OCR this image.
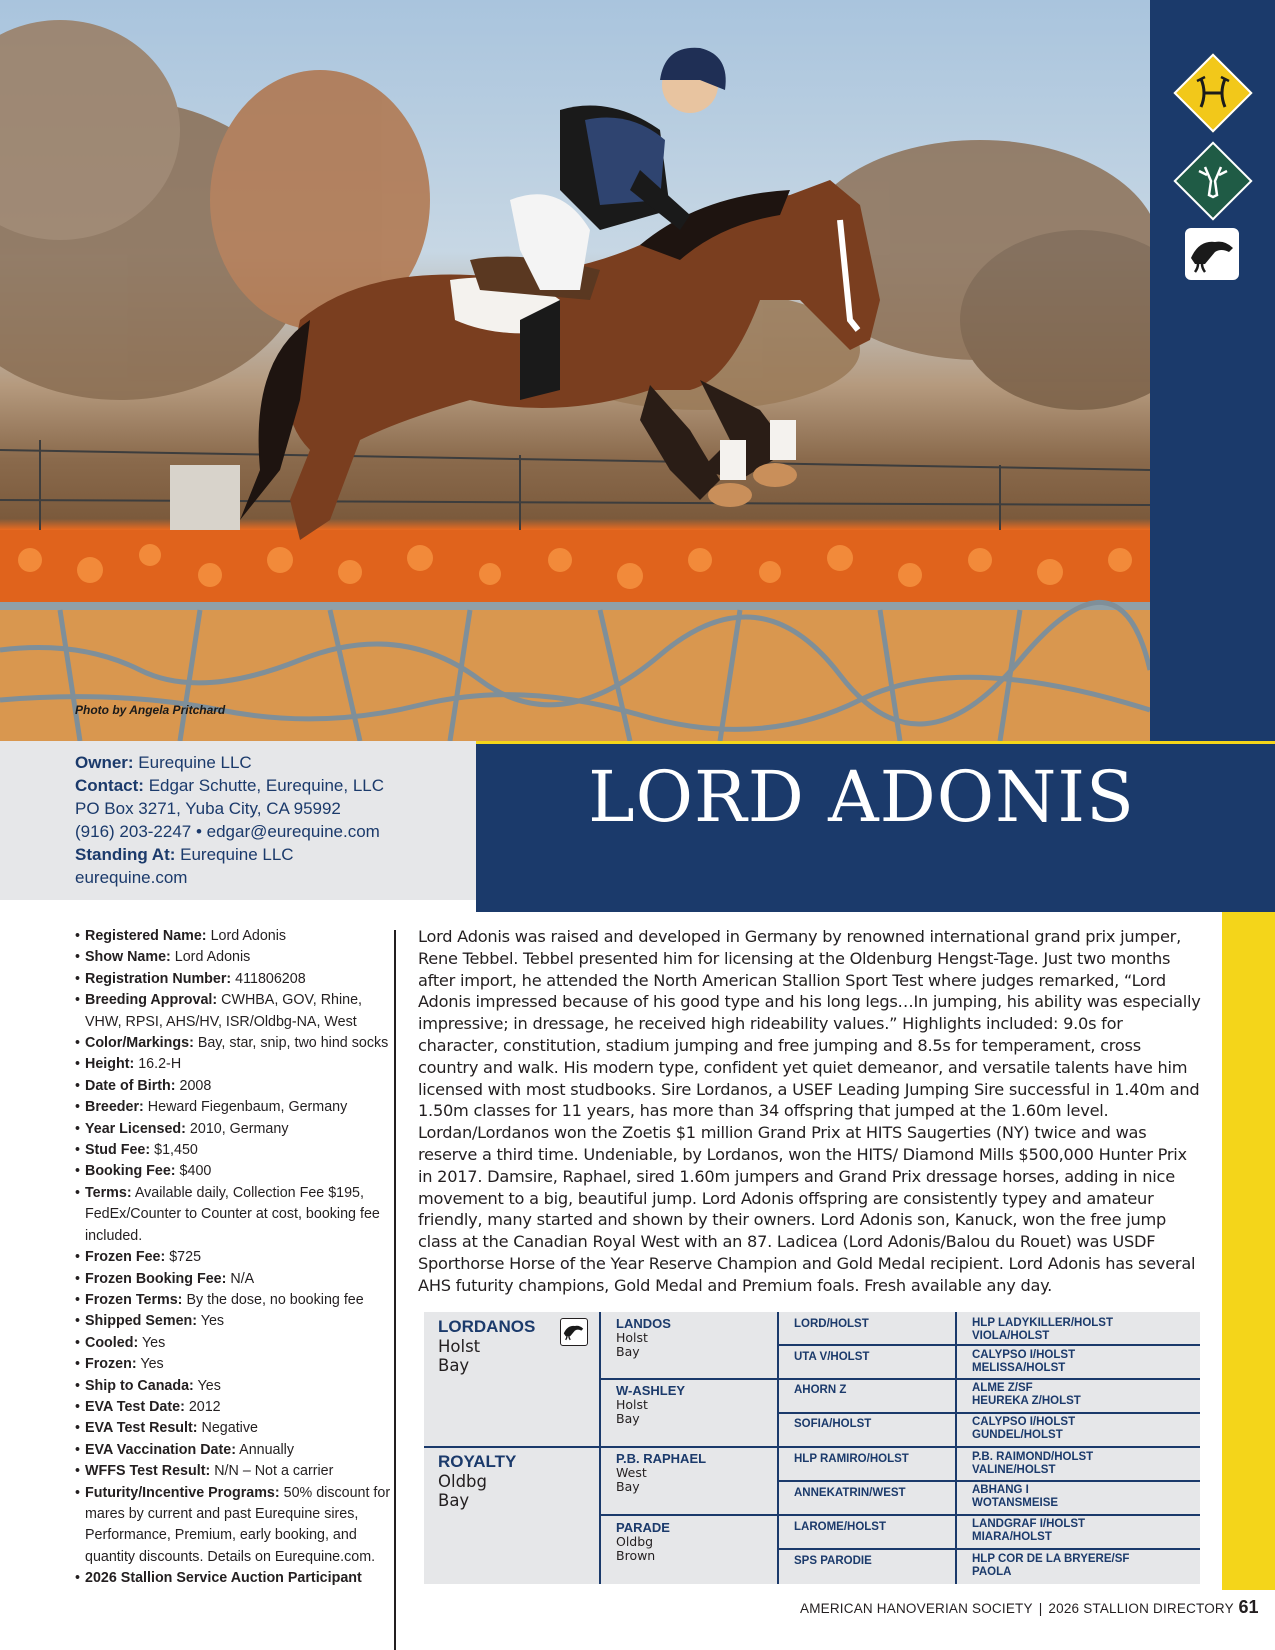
Photo by Angela Pritchard
Owner: Eurequine LLC
Contact: Edgar Schutte, Eurequine, LLC
PO Box 3271, Yuba City, CA 95992
(916) 203-2247 • edgar@eurequine.com
Standing At: Eurequine LLC
eurequine.com
LORD ADONIS
• Registered Name: Lord Adonis
• Show Name: Lord Adonis
• Registration Number: 411806208
• Breeding Approval: CWHBA, GOV, Rhine, VHW, RPSI, AHS/HV, ISR/Oldbg-NA, West
• Color/Markings: Bay, star, snip, two hind socks
• Height: 16.2-H
• Date of Birth: 2008
• Breeder: Heward Fiegenbaum, Germany
• Year Licensed: 2010, Germany
• Stud Fee: $1,450
• Booking Fee: $400
• Terms: Available daily, Collection Fee $195, FedEx/Counter to Counter at cost, booking fee included.
• Frozen Fee: $725
• Frozen Booking Fee: N/A
• Frozen Terms: By the dose, no booking fee
• Shipped Semen: Yes
• Cooled: Yes
• Frozen: Yes
• Ship to Canada: Yes
• EVA Test Date: 2012
• EVA Test Result: Negative
• EVA Vaccination Date: Annually
• WFFS Test Result: N/N – Not a carrier
• Futurity/Incentive Programs: 50% discount for mares by current and past Eurequine sires, Performance, Premium, early booking, and quantity discounts. Details on Eurequine.com.
• 2026 Stallion Service Auction Participant
Lord Adonis was raised and developed in Germany by renowned international grand prix jumper, Rene Tebbel. Tebbel presented him for licensing at the Oldenburg Hengst-Tage. Just two months after import, he attended the North American Stallion Sport Test where judges remarked, “Lord Adonis impressed because of his good type and his long legs…In jumping, his ability was especially impressive; in dressage, he received high rideability values.” Highlights included: 9.0s for character, constitution, stadium jumping and free jumping and 8.5s for temperament, cross country and walk. His modern type, confident yet quiet demeanor, and versatile talents have him licensed with most studbooks. Sire Lordanos, a USEF Leading Jumping Sire successful in 1.40m and 1.50m classes for 11 years, has more than 34 offspring that jumped at the 1.60m level. Lordan/Lordanos won the Zoetis $1 million Grand Prix at HITS Saugerties (NY) twice and was reserve a third time. Undeniable, by Lordanos, won the HITS/ Diamond Mills $500,000 Hunter Prix in 2017. Damsire, Raphael, sired 1.60m jumpers and Grand Prix dressage horses, adding in nice movement to a big, beautiful jump. Lord Adonis offspring are consistently typey and amateur friendly, many started and shown by their owners. Lord Adonis son, Kanuck, won the free jump class at the Canadian Royal West with an 87. Ladicea (Lord Adonis/Balou du Rouet) was USDF Sporthorse Horse of the Year Reserve Champion and Gold Medal recipient. Lord Adonis has several AHS futurity champions, Gold Medal and Premium foals. Fresh available any day.
LORDANOS
Holst
Bay
ROYALTY
Oldbg
Bay
LANDOS
Holst
Bay
W-ASHLEY
Holst
Bay
P.B. RAPHAEL
West
Bay
PARADE
Oldbg
Brown
LORD/HOLST
UTA V/HOLST
AHORN Z
SOFIA/HOLST
HLP RAMIRO/HOLST
ANNEKATRIN/WEST
LAROME/HOLST
SPS PARODIE
HLP LADYKILLER/HOLST
VIOLA/HOLST
CALYPSO I/HOLST
MELISSA/HOLST
ALME Z/SF
HEUREKA Z/HOLST
CALYPSO I/HOLST
GUNDEL/HOLST
P.B. RAIMOND/HOLST
VALINE/HOLST
ABHANG I
WOTANSMEISE
LANDGRAF I/HOLST
MIARA/HOLST
HLP COR DE LA BRYERE/SF
PAOLA
AMERICAN HANOVERIAN SOCIETY | 2026 STALLION DIRECTORY 61
